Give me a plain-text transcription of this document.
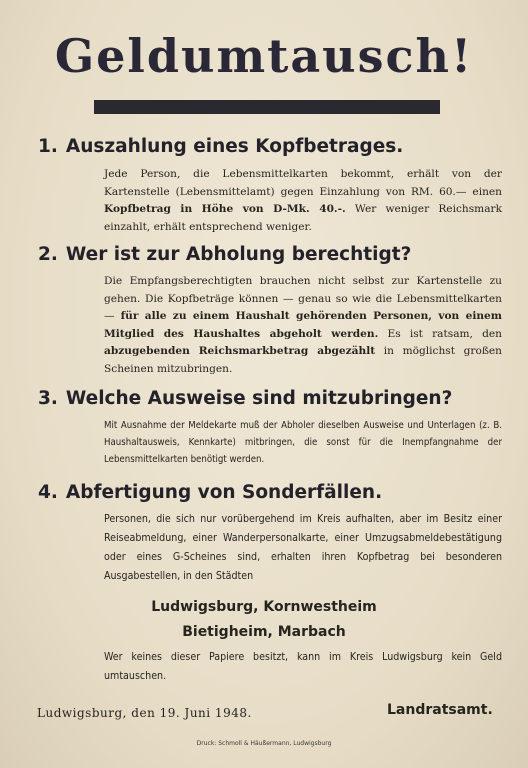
Geldumtausch!
1. Auszahlung eines Kopfbetrages.
Jede Person, die Lebensmittelkarten bekommt, erhält von der Kartenstelle (Lebensmittelamt) gegen Einzahlung von RM. 60.— einen Kopfbetrag in Höhe von D-Mk. 40.-. Wer weniger Reichsmark einzahlt, erhält entsprechend weniger.
2. Wer ist zur Abholung berechtigt?
Die Empfangsberechtigten brauchen nicht selbst zur Kartenstelle zu gehen. Die Kopfbeträge können — genau so wie die Lebensmittelkarten — für alle zu einem Haushalt gehörenden Personen, von einem Mitglied des Haushaltes abgeholt werden. Es ist ratsam, den abzugebenden Reichsmarkbetrag abgezählt in möglichst großen Scheinen mitzubringen.
3. Welche Ausweise sind mitzubringen?
Mit Ausnahme der Meldekarte muß der Abholer dieselben Ausweise und Unterlagen (z. B. Haushaltausweis, Kennkarte) mitbringen, die sonst für die Inempfangnahme der Lebensmittelkarten benötigt werden.
4. Abfertigung von Sonderfällen.
Personen, die sich nur vorübergehend im Kreis aufhalten, aber im Besitz einer Reiseabmeldung, einer Wanderpersonalkarte, einer Umzugsabmeldebestätigung oder eines G-Scheines sind, erhalten ihren Kopfbetrag bei besonderen Ausgabestellen, in den Städten
Ludwigsburg, Kornwestheim
Bietigheim, Marbach
Wer keines dieser Papiere besitzt, kann im Kreis Ludwigsburg kein Geld umtauschen.
Ludwigsburg, den 19. Juni 1948.	Landratsamt.
Druck: Schmoll & Häußermann, Ludwigsburg
